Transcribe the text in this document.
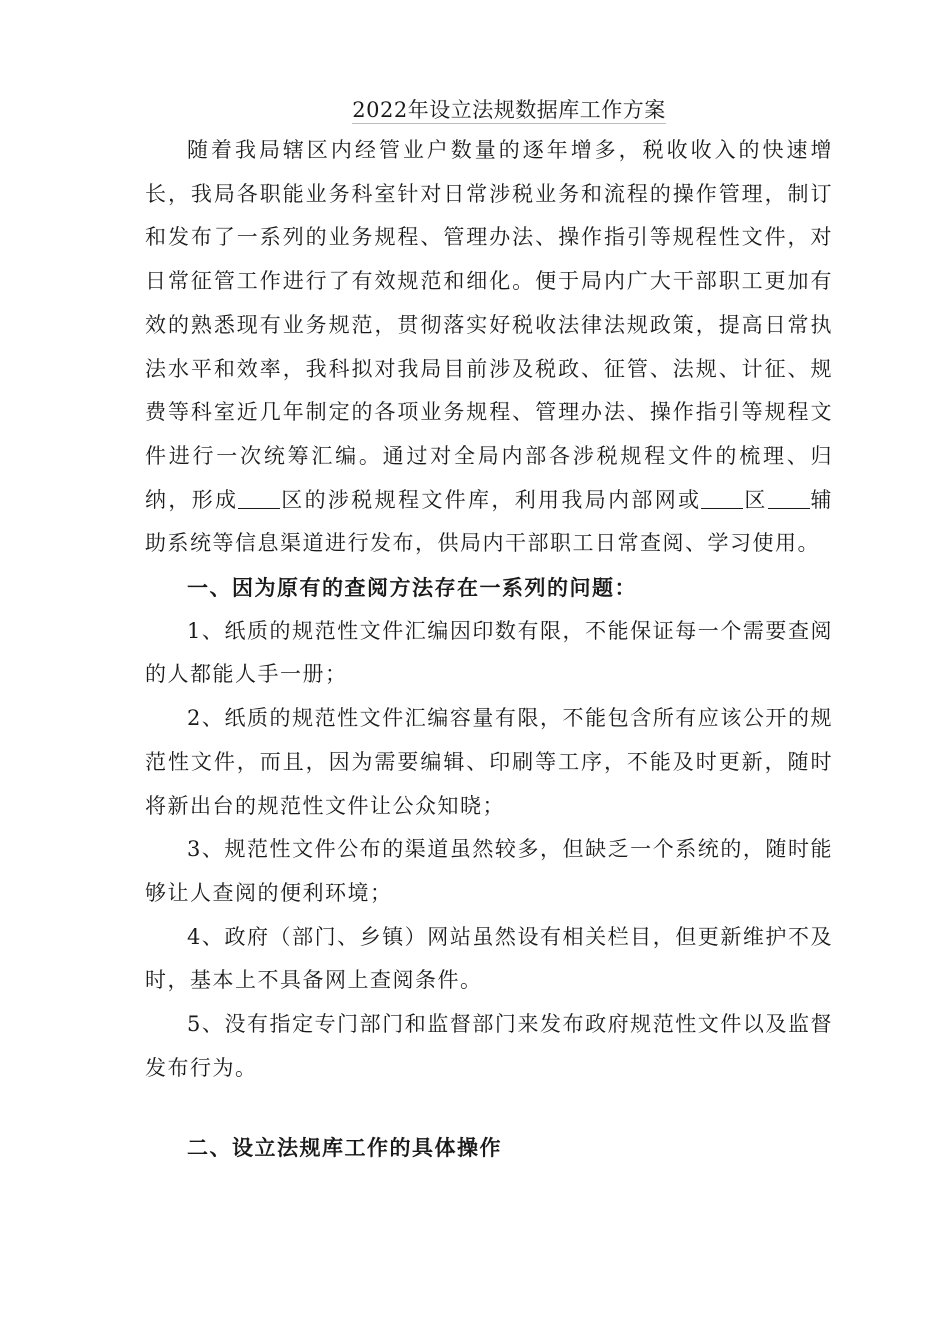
2022年设立法规数据库工作方案

随着我局辖区内经管业户数量的逐年增多，税收收入的快速增长，我局各职能业务科室针对日常涉税业务和流程的操作管理，制订和发布了一系列的业务规程、管理办法、操作指引等规程性文件，对日常征管工作进行了有效规范和细化。便于局内广大干部职工更加有效的熟悉现有业务规范，贯彻落实好税收法律法规政策，提高日常执法水平和效率，我科拟对我局目前涉及税政、征管、法规、计征、规费等科室近几年制定的各项业务规程、管理办法、操作指引等规程文件进行一次统筹汇编。通过对全局内部各涉税规程文件的梳理、归纳，形成 区的涉税规程文件库，利用我局内部网或 区 辅助系统等信息渠道进行发布，供局内干部职工日常查阅、学习使用。

一、因为原有的查阅方法存在一系列的问题：

1、纸质的规范性文件汇编因印数有限，不能保证每一个需要查阅的人都能人手一册；

2、纸质的规范性文件汇编容量有限，不能包含所有应该公开的规范性文件，而且，因为需要编辑、印刷等工序，不能及时更新，随时将新出台的规范性文件让公众知晓；

3、规范性文件公布的渠道虽然较多，但缺乏一个系统的，随时能够让人查阅的便利环境；

4、政府（部门、乡镇）网站虽然设有相关栏目，但更新维护不及时，基本上不具备网上查阅条件。

5、没有指定专门部门和监督部门来发布政府规范性文件以及监督发布行为。

二、设立法规库工作的具体操作
